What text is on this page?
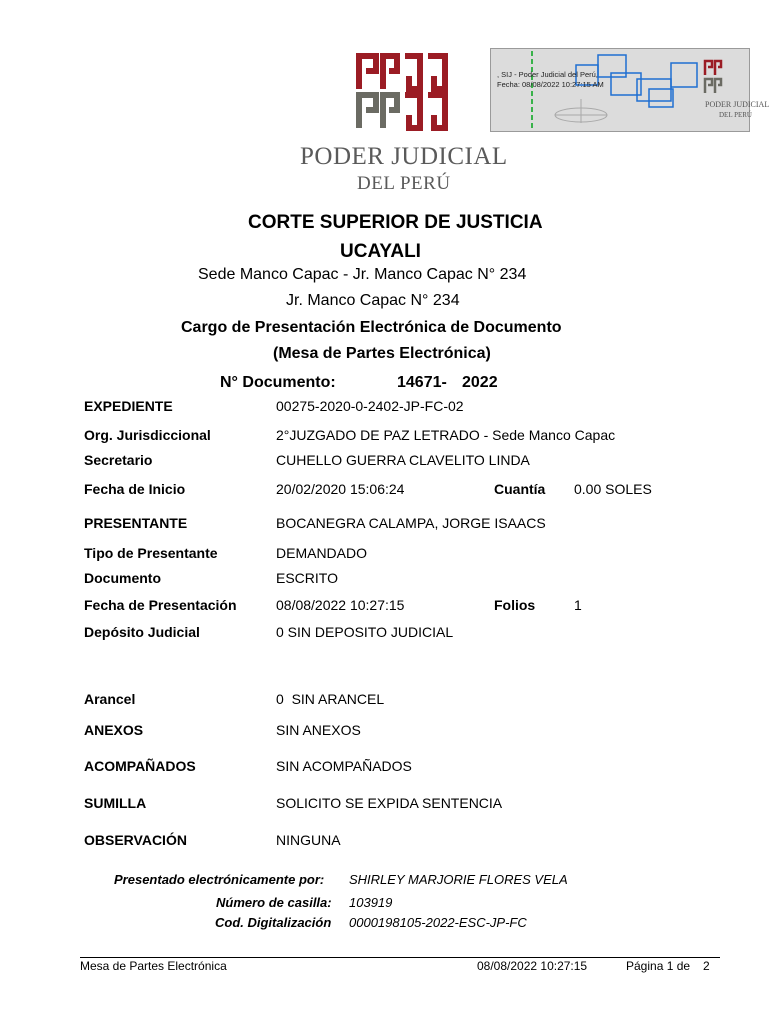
PODER JUDICIAL
DEL PERÚ
, SIJ - Poder Judicial del Perú,
Fecha: 08/08/2022 10:27:15 AM
PODER JUDICIAL
DEL PERÚ
CORTE SUPERIOR DE JUSTICIA
UCAYALI
Sede Manco Capac - Jr. Manco Capac N° 234
Jr. Manco Capac N° 234
Cargo de Presentación Electrónica de Documento
(Mesa de Partes Electrónica)
N° Documento:	14671- 2022
EXPEDIENTE	00275-2020-0-2402-JP-FC-02
Org. Jurisdiccional	2°JUZGADO DE PAZ LETRADO - Sede Manco Capac
Secretario	CUHELLO GUERRA CLAVELITO LINDA
Fecha de Inicio	20/02/2020 15:06:24	Cuantía 0.00 SOLES
PRESENTANTE	BOCANEGRA CALAMPA, JORGE ISAACS
Tipo de Presentante	DEMANDADO
Documento	ESCRITO
Fecha de Presentación	08/08/2022 10:27:15	Folios	1
Depósito Judicial	0 SIN DEPOSITO JUDICIAL
Arancel	0  SIN ARANCEL
ANEXOS	SIN ANEXOS
ACOMPAÑADOS	SIN ACOMPAÑADOS
SUMILLA	SOLICITO SE EXPIDA SENTENCIA
OBSERVACIÓN	NINGUNA
Presentado electrónicamente por: SHIRLEY MARJORIE FLORES VELA
Número de casilla: 103919
Cod. Digitalización 0000198105-2022-ESC-JP-FC
Mesa de Partes Electrónica	08/08/2022 10:27:15	Página 1 de 2
